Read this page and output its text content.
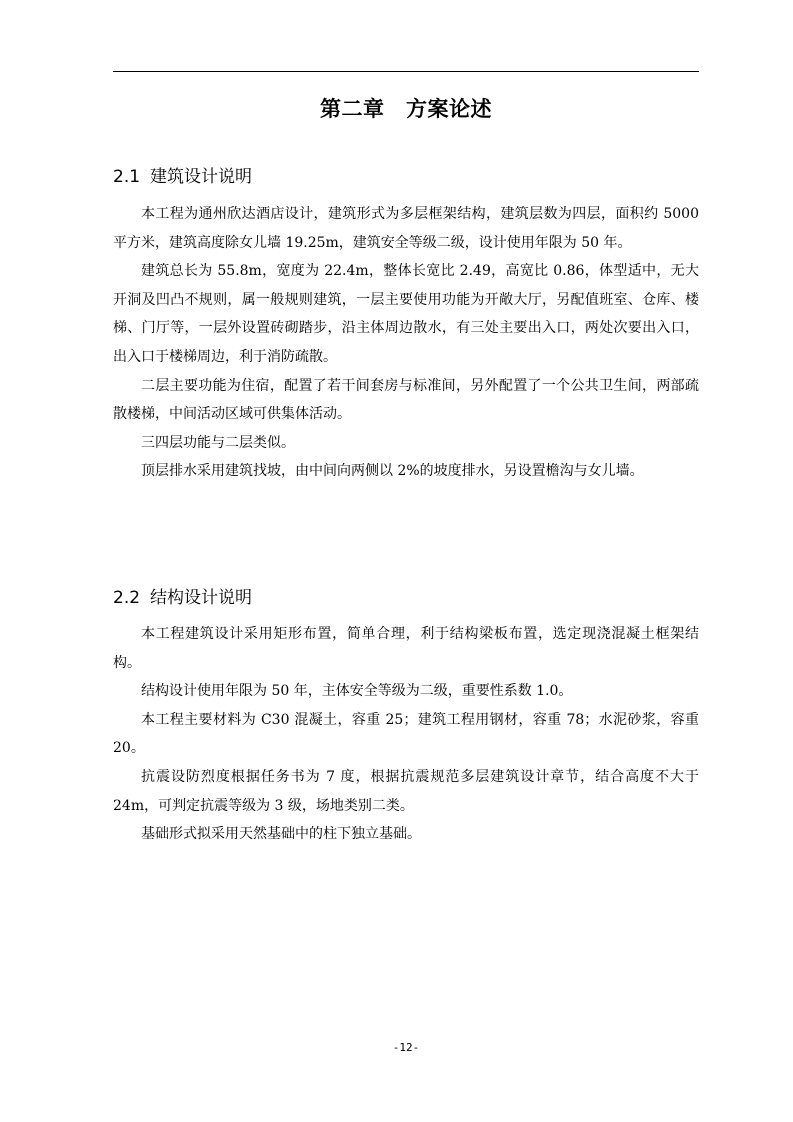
第二章　方案论述
2.1 建筑设计说明

本工程为通州欣达酒店设计，建筑形式为多层框架结构，建筑层数为四层，面积约 5000 平方米，建筑高度除女儿墙 19.25m，建筑安全等级二级，设计使用年限为 50 年。

建筑总长为 55.8m，宽度为 22.4m，整体长宽比 2.49，高宽比 0.86，体型适中，无大开洞及凹凸不规则，属一般规则建筑，一层主要使用功能为开敞大厅，另配值班室、仓库、楼梯、门厅等，一层外设置砖砌踏步，沿主体周边散水，有三处主要出入口，两处次要出入口，出入口于楼梯周边，利于消防疏散。

二层主要功能为住宿，配置了若干间套房与标准间，另外配置了一个公共卫生间，两部疏散楼梯，中间活动区域可供集体活动。

三四层功能与二层类似。

顶层排水采用建筑找坡，由中间向两侧以 2%的坡度排水，另设置檐沟与女儿墙。

2.2 结构设计说明

本工程建筑设计采用矩形布置，简单合理，利于结构梁板布置，选定现浇混凝土框架结构。

结构设计使用年限为 50 年，主体安全等级为二级，重要性系数 1.0。

本工程主要材料为 C30 混凝土，容重 25；建筑工程用钢材，容重 78；水泥砂浆，容重 20。

抗震设防烈度根据任务书为 7 度，根据抗震规范多层建筑设计章节，结合高度不大于 24m，可判定抗震等级为 3 级，场地类别二类。

基础形式拟采用天然基础中的柱下独立基础。

-12-
